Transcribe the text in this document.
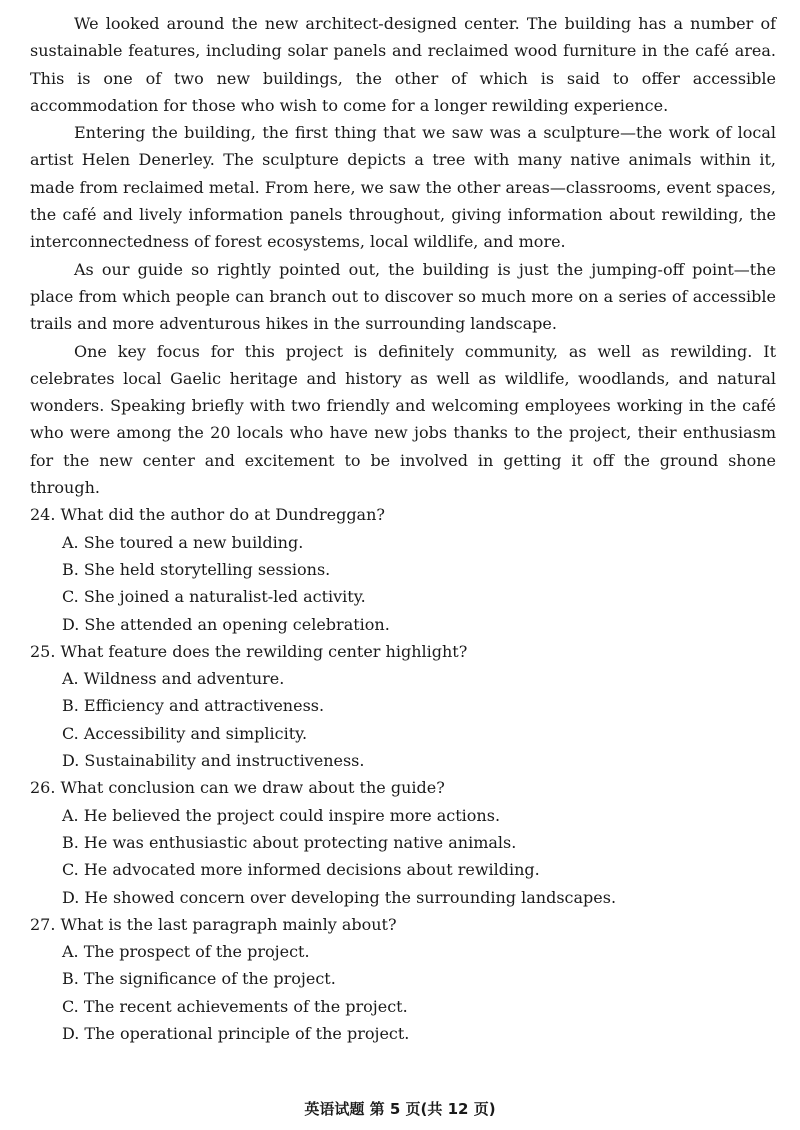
We looked around the new architect-designed center. The building has a number of sustainable features, including solar panels and reclaimed wood furniture in the café area. This is one of two new buildings, the other of which is said to offer accessible accommodation for those who wish to come for a longer rewilding experience.

Entering the building, the first thing that we saw was a sculpture—the work of local artist Helen Denerley. The sculpture depicts a tree with many native animals within it, made from reclaimed metal. From here, we saw the other areas—classrooms, event spaces, the café and lively information panels throughout, giving information about rewilding, the interconnectedness of forest ecosystems, local wildlife, and more.

As our guide so rightly pointed out, the building is just the jumping-off point—the place from which people can branch out to discover so much more on a series of accessible trails and more adventurous hikes in the surrounding landscape.

One key focus for this project is definitely community, as well as rewilding. It celebrates local Gaelic heritage and history as well as wildlife, woodlands, and natural wonders. Speaking briefly with two friendly and welcoming employees working in the café who were among the 20 locals who have new jobs thanks to the project, their enthusiasm for the new center and excitement to be involved in getting it off the ground shone through.

24. What did the author do at Dundreggan?

A. She toured a new building.

B. She held storytelling sessions.

C. She joined a naturalist-led activity.

D. She attended an opening celebration.

25. What feature does the rewilding center highlight?

A. Wildness and adventure.

B. Efficiency and attractiveness.

C. Accessibility and simplicity.

D. Sustainability and instructiveness.

26. What conclusion can we draw about the guide?

A. He believed the project could inspire more actions.

B. He was enthusiastic about protecting native animals.

C. He advocated more informed decisions about rewilding.

D. He showed concern over developing the surrounding landscapes.

27. What is the last paragraph mainly about?

A. The prospect of the project.

B. The significance of the project.

C. The recent achievements of the project.

D. The operational principle of the project.

英语试题 第 5 页(共 12 页)
